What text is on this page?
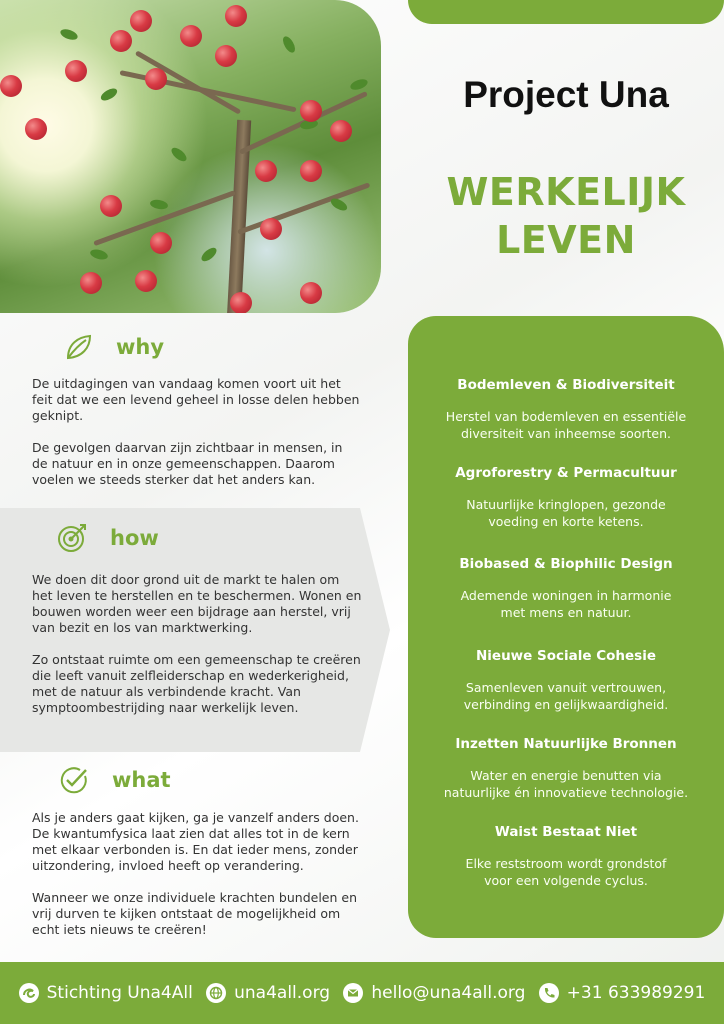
Project Una
WERKELIJK
LEVEN
why

De uitdagingen van vandaag komen voort uit het feit dat we een levend geheel in losse delen hebben geknipt.

De gevolgen daarvan zijn zichtbaar in mensen, in de natuur en in onze gemeenschappen. Daarom voelen we steeds sterker dat het anders kan.

how

We doen dit door grond uit de markt te halen om het leven te herstellen en te beschermen. Wonen en bouwen worden weer een bijdrage aan herstel, vrij van bezit en los van marktwerking.

Zo ontstaat ruimte om een gemeenschap te creëren die leeft vanuit zelfleiderschap en wederkerigheid, met de natuur als verbindende kracht. Van symptoombestrijding naar werkelijk leven.

what

Als je anders gaat kijken, ga je vanzelf anders doen. De kwantumfysica laat zien dat alles tot in de kern met elkaar verbonden is. En dat ieder mens, zonder uitzondering, invloed heeft op verandering.

Wanneer we onze individuele krachten bundelen en vrij durven te kijken ontstaat de mogelijkheid om echt iets nieuws te creëren!

Bodemleven & Biodiversiteit
Herstel van bodemleven en essentiële
diversiteit van inheemse soorten.
Agroforestry & Permacultuur
Natuurlijke kringlopen, gezonde
voeding en korte ketens.
Biobased & Biophilic Design
Ademende woningen in harmonie
met mens en natuur.
Nieuwe Sociale Cohesie
Samenleven vanuit vertrouwen,
verbinding en gelijkwaardigheid.
Inzetten Natuurlijke Bronnen
Water en energie benutten via
natuurlijke én innovatieve technologie.
Waist Bestaat Niet
Elke reststroom wordt grondstof
voor een volgende cyclus.
Stichting Una4All una4all.org hello@una4all.org +31 633989291
